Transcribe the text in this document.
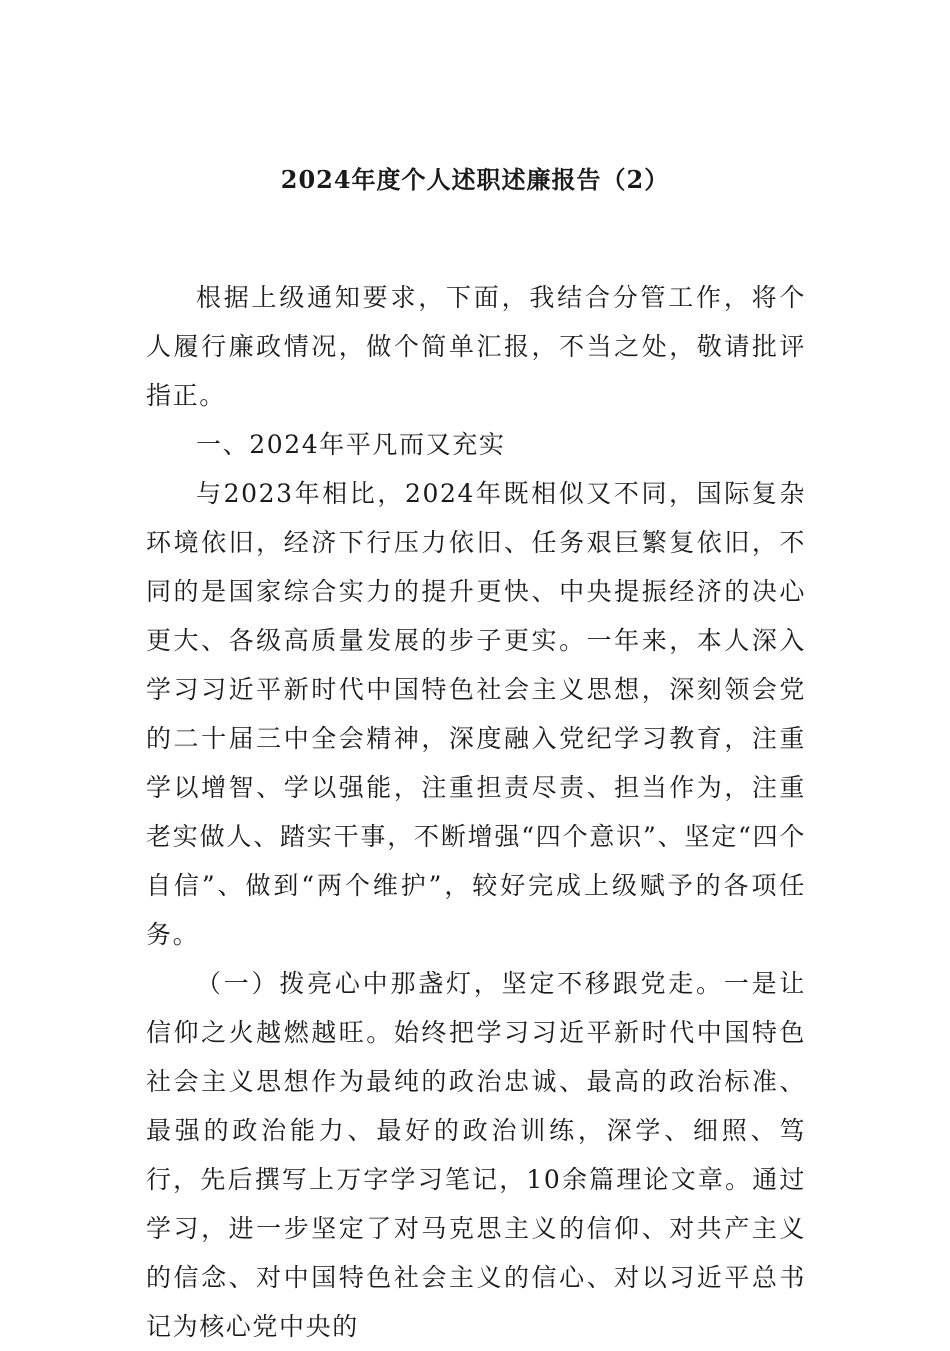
2024年度个人述职述廉报告（2）

根据上级通知要求，下面，我结合分管工作，将个人履行廉政情况，做个简单汇报，不当之处，敬请批评指正。

一、2024年平凡而又充实

与2023年相比，2024年既相似又不同，国际复杂环境依旧，经济下行压力依旧、任务艰巨繁复依旧，不同的是国家综合实力的提升更快、中央提振经济的决心更大、各级高质量发展的步子更实。一年来，本人深入学习习近平新时代中国特色社会主义思想，深刻领会党的二十届三中全会精神，深度融入党纪学习教育，注重学以增智、学以强能，注重担责尽责、担当作为，注重老实做人、踏实干事，不断增强“四个意识”、坚定“四个自信”、做到“两个维护”，较好完成上级赋予的各项任务。

（一）拨亮心中那盏灯，坚定不移跟党走。一是让信仰之火越燃越旺。始终把学习习近平新时代中国特色社会主义思想作为最纯的政治忠诚、最高的政治标准、最强的政治能力、最好的政治训练，深学、细照、笃行，先后撰写上万字学习笔记，10余篇理论文章。通过学习，进一步坚定了对马克思主义的信仰、对共产主义的信念、对中国特色社会主义的信心、对以习近平总书记为核心党中央的
